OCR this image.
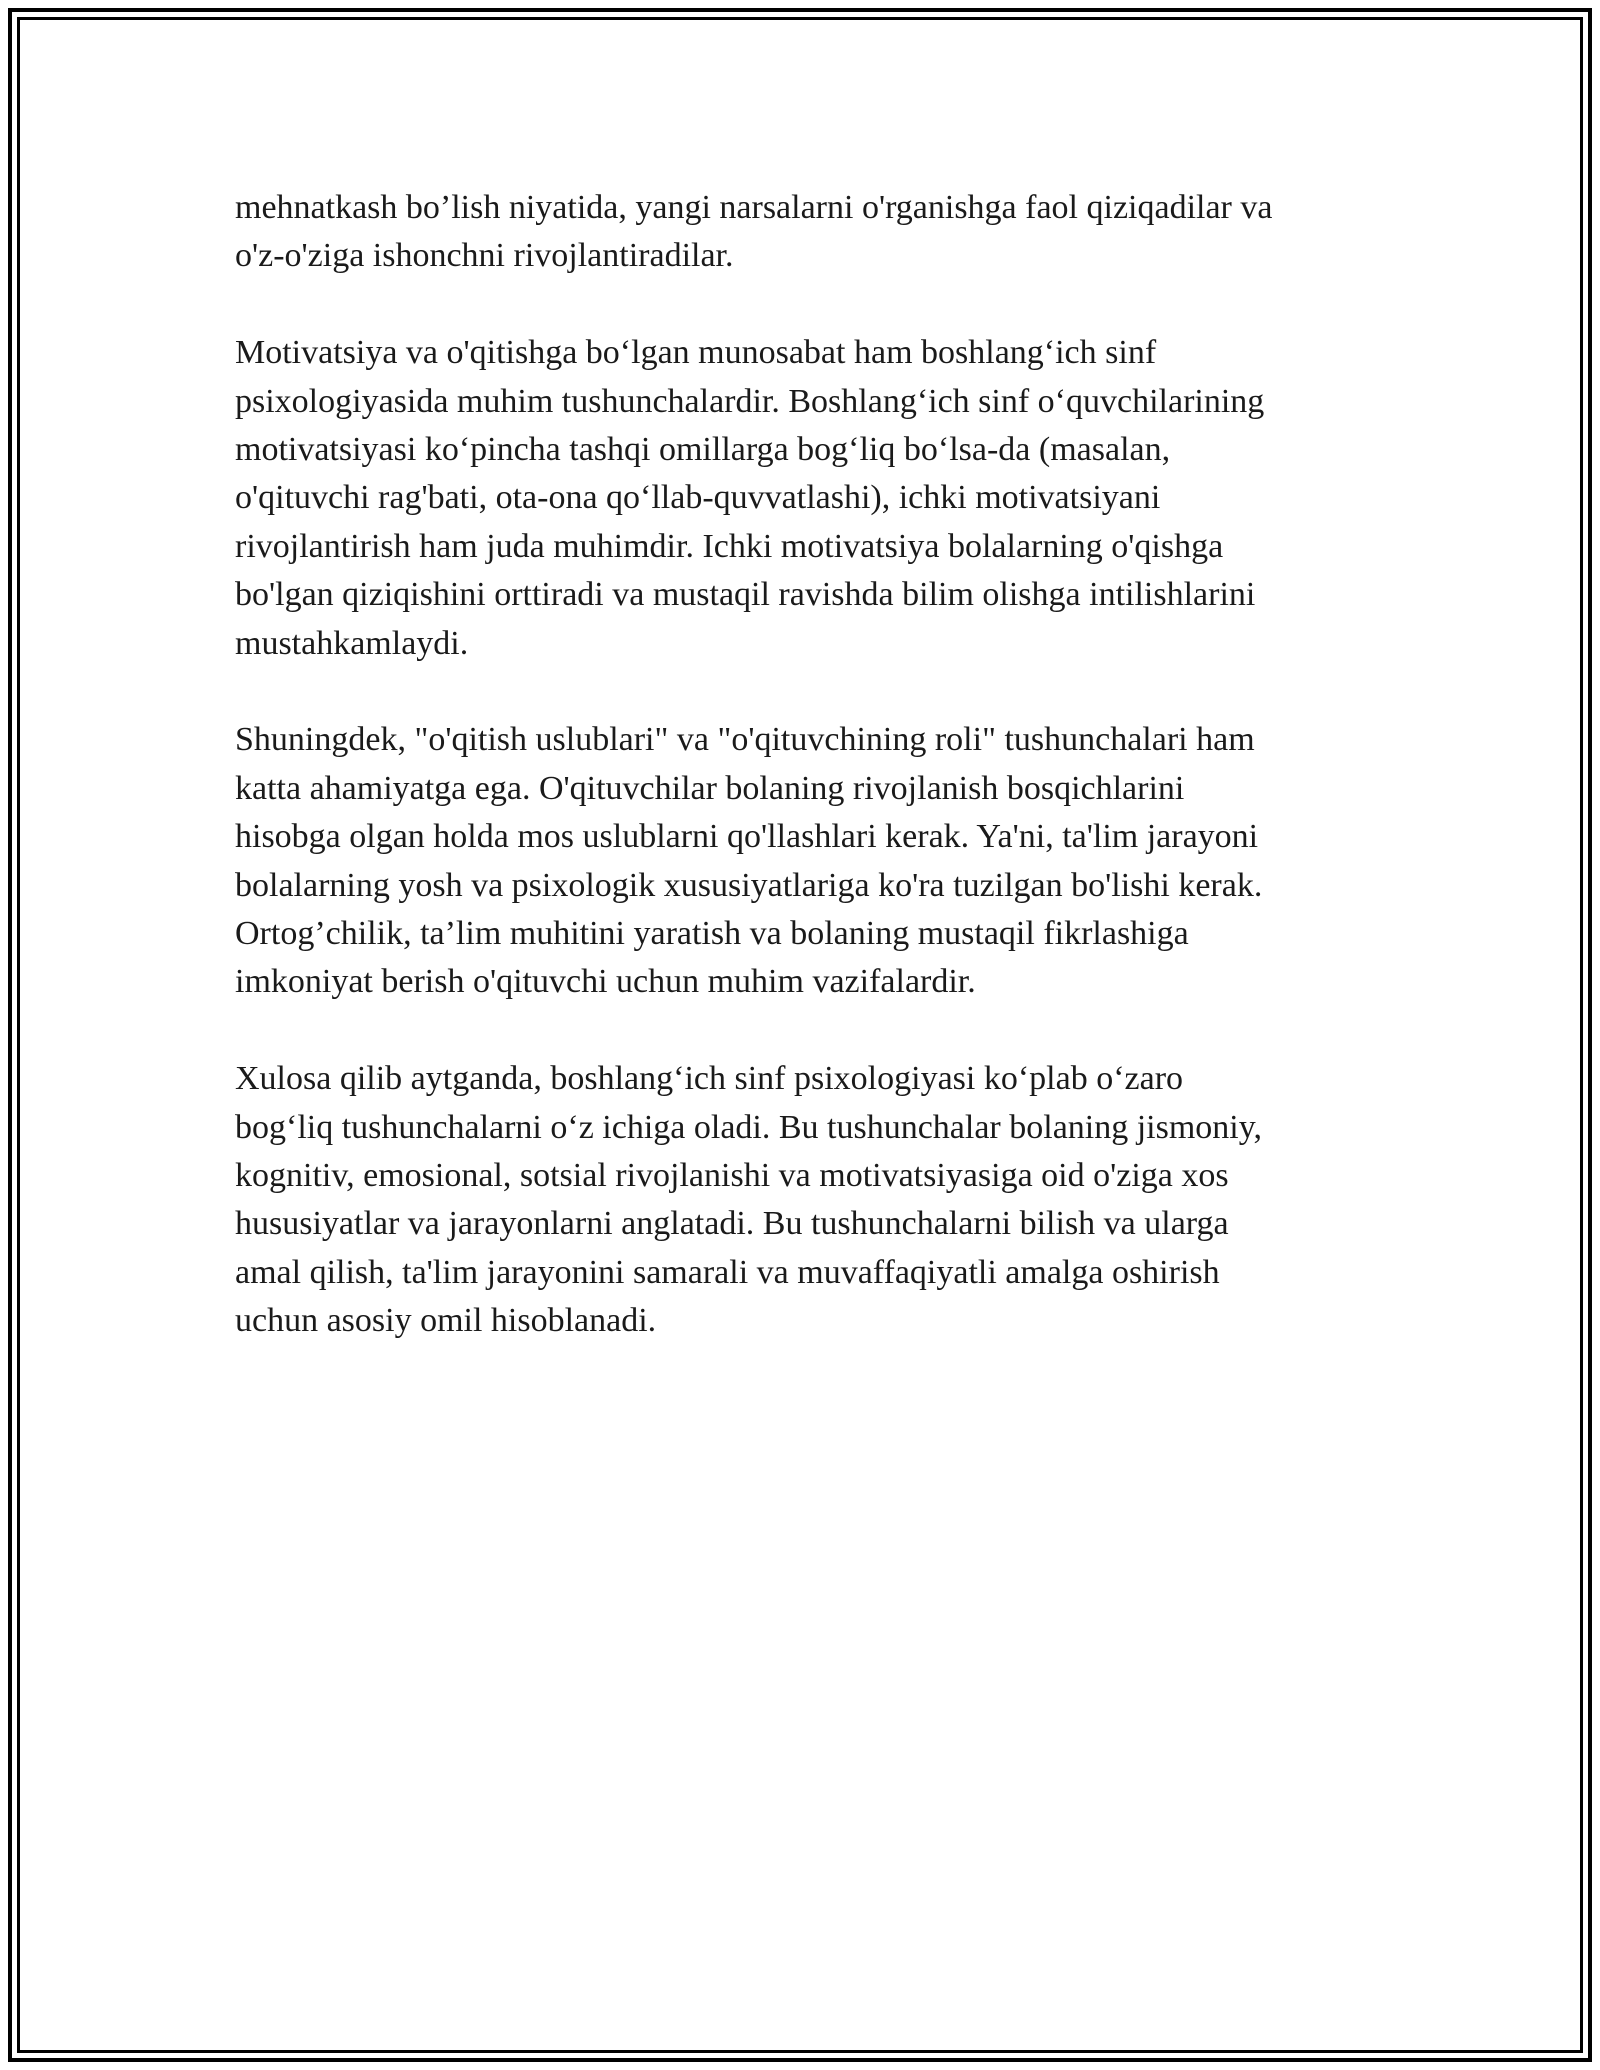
mehnatkash bo’lish niyatida, yangi narsalarni o'rganishga faol qiziqadilar va
o'z-o'ziga ishonchni rivojlantiradilar.

Motivatsiya va o'qitishga bo‘lgan munosabat ham boshlang‘ich sinf
psixologiyasida muhim tushunchalardir. Boshlang‘ich sinf o‘quvchilarining
motivatsiyasi ko‘pincha tashqi omillarga bog‘liq bo‘lsa-da (masalan,
o'qituvchi rag'bati, ota-ona qo‘llab-quvvatlashi), ichki motivatsiyani
rivojlantirish ham juda muhimdir. Ichki motivatsiya bolalarning o'qishga
bo'lgan qiziqishini orttiradi va mustaqil ravishda bilim olishga intilishlarini
mustahkamlaydi.

Shuningdek, "o'qitish uslublari" va "o'qituvchining roli" tushunchalari ham
katta ahamiyatga ega. O'qituvchilar bolaning rivojlanish bosqichlarini
hisobga olgan holda mos uslublarni qo'llashlari kerak. Ya'ni, ta'lim jarayoni
bolalarning yosh va psixologik xususiyatlariga ko'ra tuzilgan bo'lishi kerak.
Ortog’chilik, ta’lim muhitini yaratish va bolaning mustaqil fikrlashiga
imkoniyat berish o'qituvchi uchun muhim vazifalardir.

Xulosa qilib aytganda, boshlang‘ich sinf psixologiyasi ko‘plab o‘zaro
bog‘liq tushunchalarni o‘z ichiga oladi. Bu tushunchalar bolaning jismoniy,
kognitiv, emosional, sotsial rivojlanishi va motivatsiyasiga oid o'ziga xos
hususiyatlar va jarayonlarni anglatadi. Bu tushunchalarni bilish va ularga
amal qilish, ta'lim jarayonini samarali va muvaffaqiyatli amalga oshirish
uchun asosiy omil hisoblanadi.
